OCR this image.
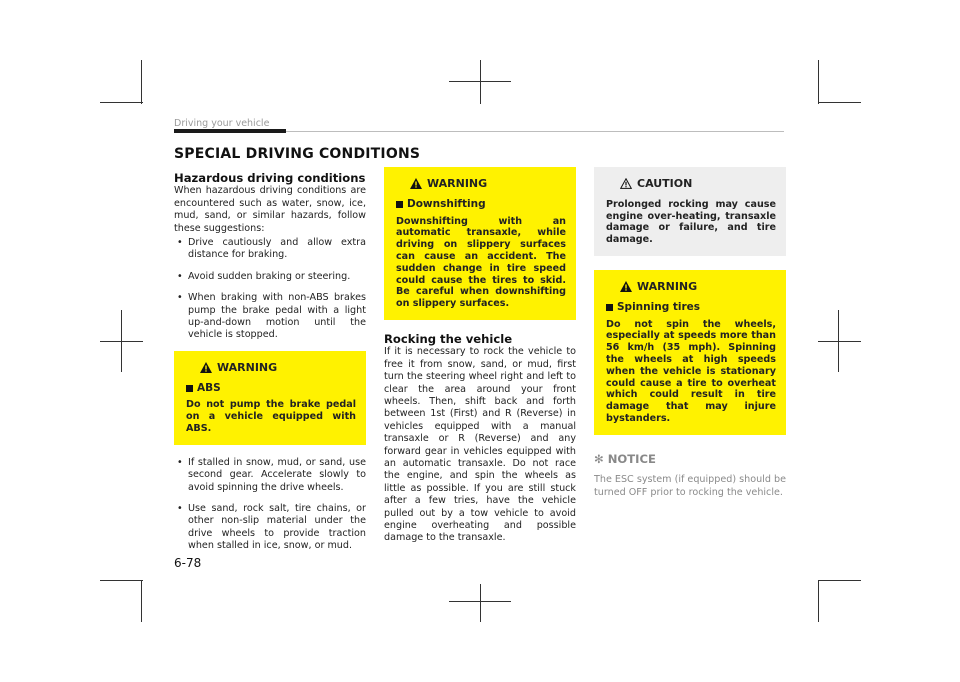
Driving your vehicle
SPECIAL DRIVING CONDITIONS
Hazardous driving conditions

When hazardous driving conditions are encountered such as water, snow, ice, mud, sand, or similar hazards, follow these suggestions:

• Drive cautiously and allow extra distance for braking.
• Avoid sudden braking or steering.
• When braking with non-ABS brakes pump the brake pedal with a light up-and-down motion until the vehicle is stopped.
WARNING
ABS
Do not pump the brake pedal on a vehicle equipped with ABS.
• If stalled in snow, mud, or sand, use second gear. Accelerate slowly to avoid spinning the drive wheels.
• Use sand, rock salt, tire chains, or other non-slip material under the drive wheels to provide traction when stalled in ice, snow, or mud.
WARNING
Downshifting
Downshifting with an automatic transaxle, while driving on slippery surfaces can cause an accident. The sudden change in tire speed could cause the tires to skid. Be careful when downshifting on slippery surfaces.
Rocking the vehicle

If it is necessary to rock the vehicle to free it from snow, sand, or mud, first turn the steering wheel right and left to clear the area around your front wheels. Then, shift back and forth between 1st (First) and R (Reverse) in vehicles equipped with a manual transaxle or R (Reverse) and any forward gear in vehicles equipped with an automatic transaxle. Do not race the engine, and spin the wheels as little as possible. If you are still stuck after a few tries, have the vehicle pulled out by a tow vehicle to avoid engine overheating and possible damage to the transaxle.

CAUTION
Prolonged rocking may cause engine over-heating, transaxle damage or failure, and tire damage.
WARNING
Spinning tires
Do not spin the wheels, especially at speeds more than 56 km/h (35 mph). Spinning the wheels at high speeds when the vehicle is stationary could cause a tire to overheat which could result in tire damage that may injure bystanders.
✻ NOTICE
The ESC system (if equipped) should be turned OFF prior to rocking the vehicle.
6-78
